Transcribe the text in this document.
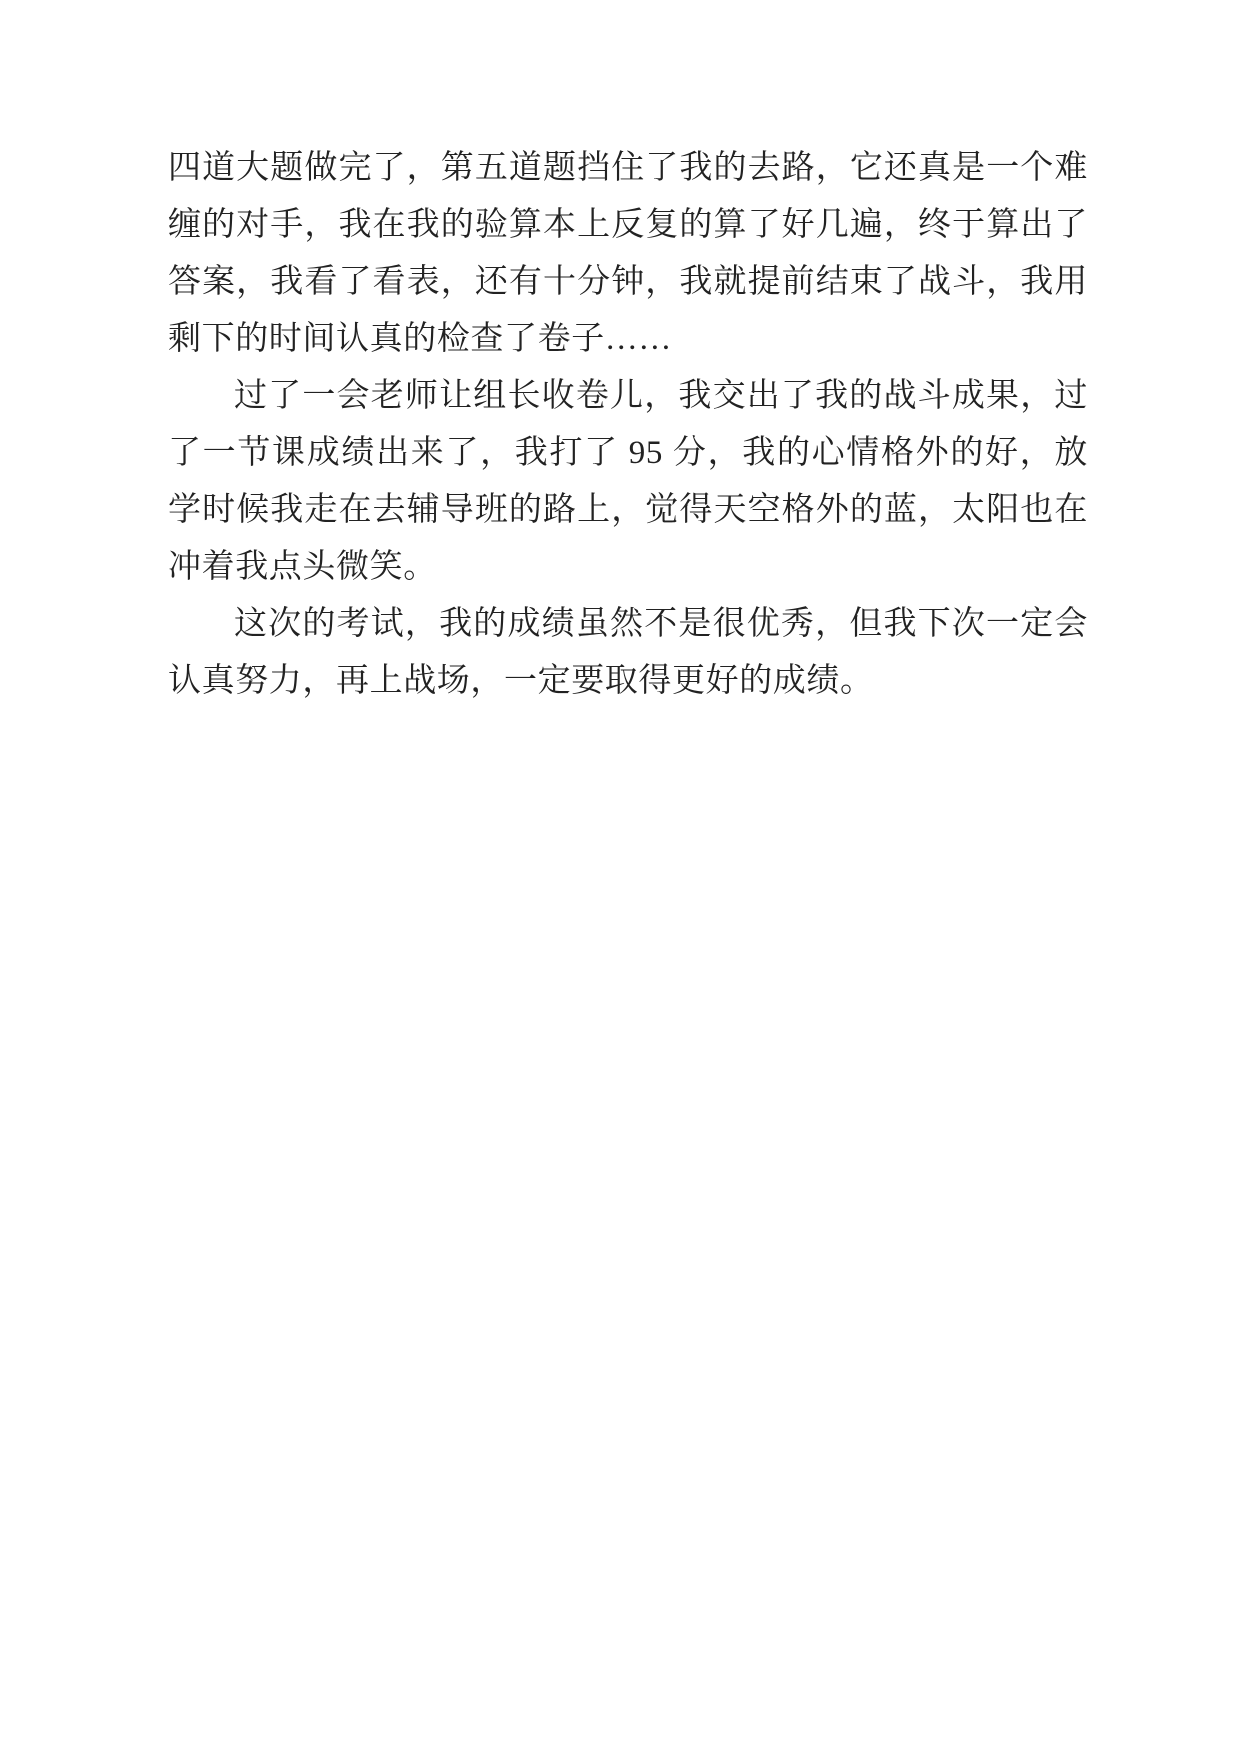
四道大题做完了，第五道题挡住了我的去路，它还真是一个难缠的对手，我在我的验算本上反复的算了好几遍，终于算出了答案，我看了看表，还有十分钟，我就提前结束了战斗，我用剩下的时间认真的检查了卷子……

过了一会老师让组长收卷儿，我交出了我的战斗成果，过了一节课成绩出来了，我打了 95 分，我的心情格外的好，放学时候我走在去辅导班的路上，觉得天空格外的蓝，太阳也在冲着我点头微笑。

这次的考试，我的成绩虽然不是很优秀，但我下次一定会认真努力，再上战场，一定要取得更好的成绩。
